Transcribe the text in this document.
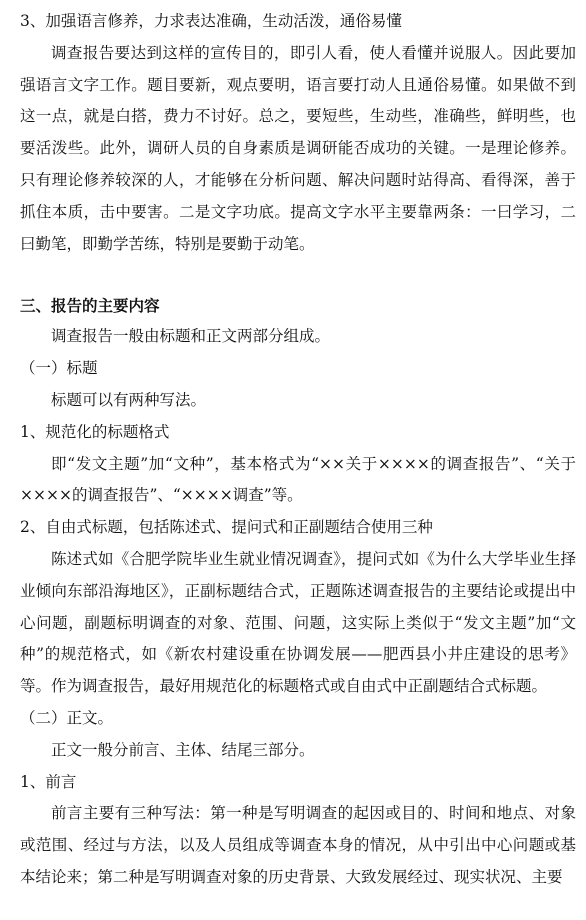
3、加强语言修养，力求表达准确，生动活泼，通俗易懂

调查报告要达到这样的宣传目的，即引人看，使人看懂并说服人。因此要加强语言文字工作。题目要新，观点要明，语言要打动人且通俗易懂。如果做不到这一点，就是白搭，费力不讨好。总之，要短些，生动些，准确些，鲜明些，也要活泼些。此外，调研人员的自身素质是调研能否成功的关键。一是理论修养。只有理论修养较深的人，才能够在分析问题、解决问题时站得高、看得深，善于抓住本质，击中要害。二是文字功底。提高文字水平主要靠两条：一曰学习，二曰勤笔，即勤学苦练，特别是要勤于动笔。

三、报告的主要内容

调查报告一般由标题和正文两部分组成。

（一）标题

标题可以有两种写法。

1、规范化的标题格式

即“发文主题”加“文种”，基本格式为“××关于××××的调查报告”、“关于××××的调查报告”、“××××调查”等。

2、自由式标题，包括陈述式、提问式和正副题结合使用三种

陈述式如《合肥学院毕业生就业情况调查》，提问式如《为什么大学毕业生择业倾向东部沿海地区》，正副标题结合式，正题陈述调查报告的主要结论或提出中心问题，副题标明调查的对象、范围、问题，这实际上类似于“发文主题”加“文种”的规范格式，如《新农村建设重在协调发展——肥西县小井庄建设的思考》等。作为调查报告，最好用规范化的标题格式或自由式中正副题结合式标题。

（二）正文。

正文一般分前言、主体、结尾三部分。

1、前言

前言主要有三种写法：第一种是写明调查的起因或目的、时间和地点、对象或范围、经过与方法，以及人员组成等调查本身的情况，从中引出中心问题或基本结论来；第二种是写明调查对象的历史背景、大致发展经过、现实状况、主要
